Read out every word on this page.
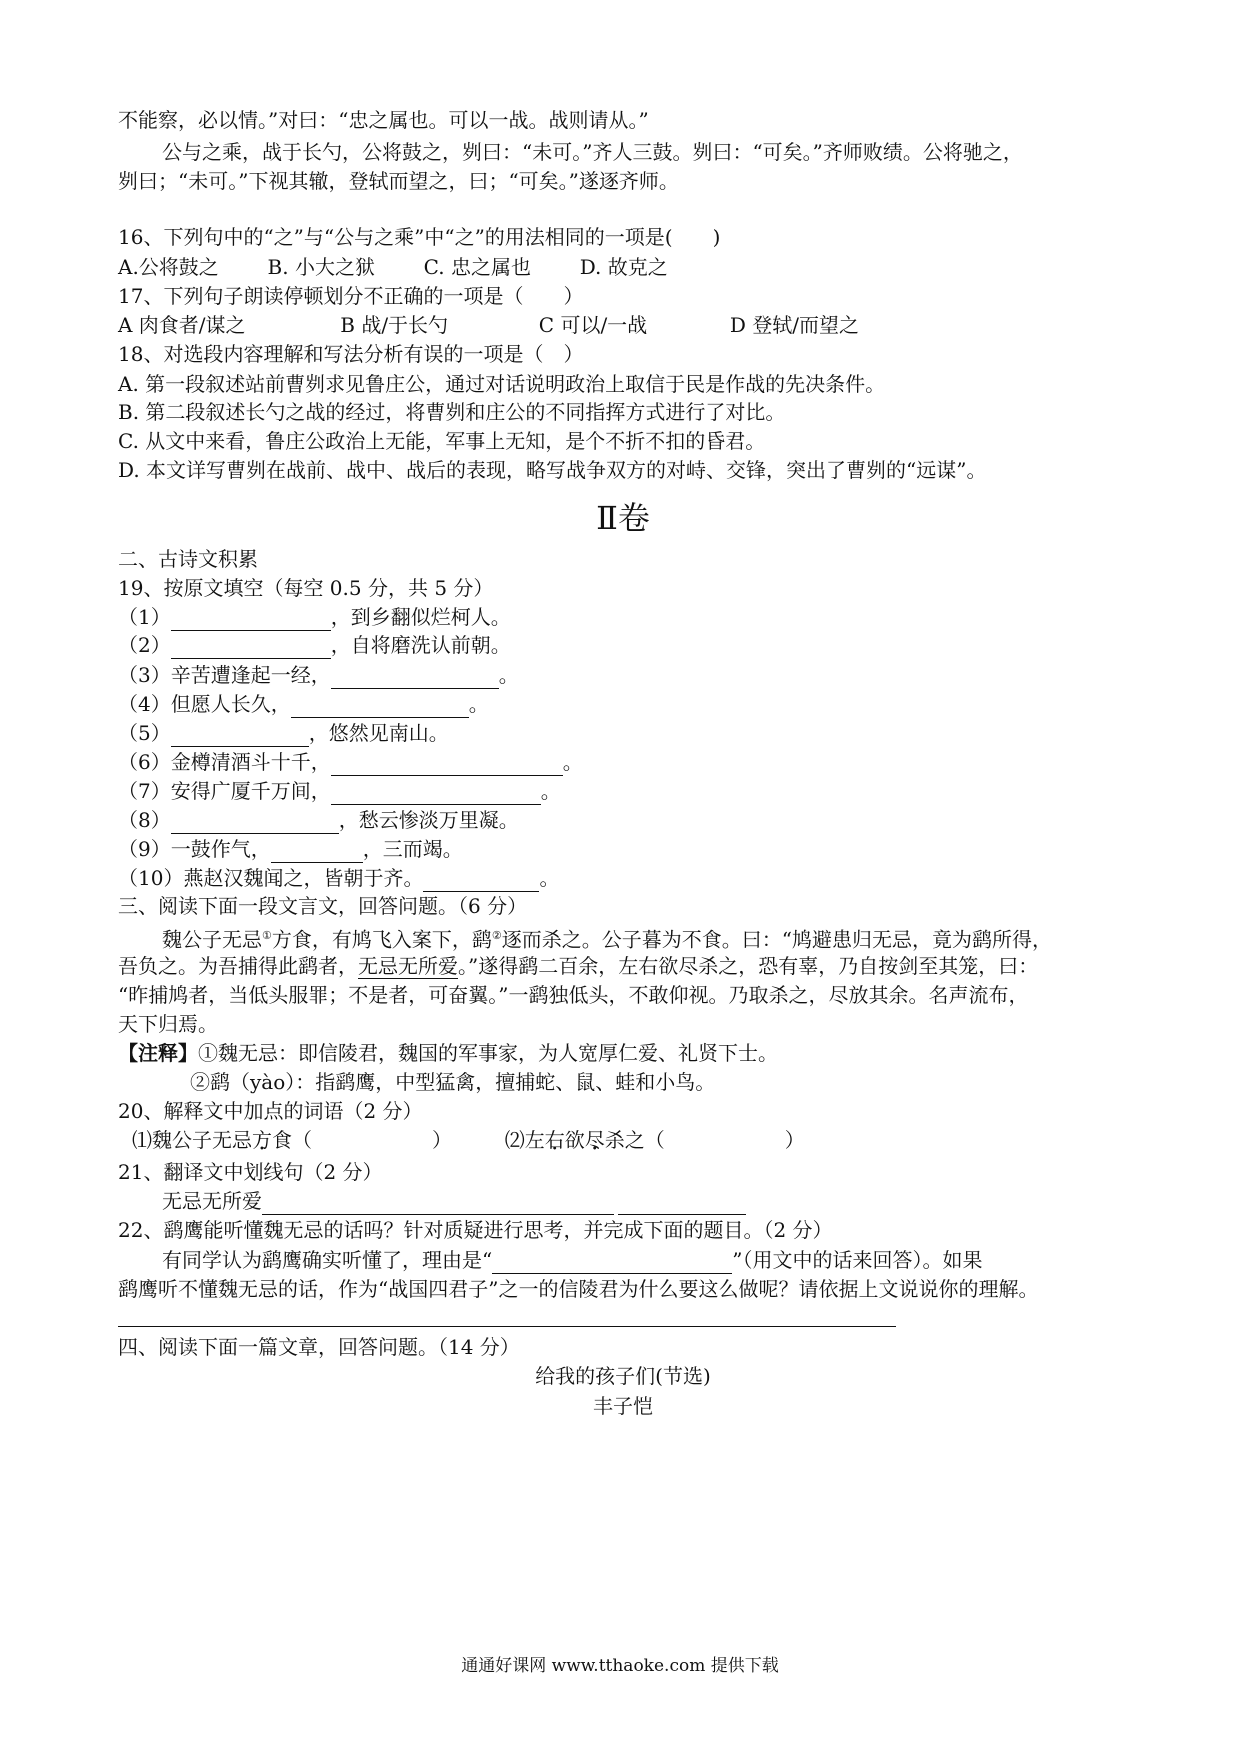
不能察，必以情。”对曰：“忠之属也。可以一战。战则请从。”
公与之乘，战于长勺，公将鼓之，刿曰：“未可。”齐人三鼓。刿曰：“可矣。”齐师败绩。公将驰之，
刿曰；“未可。”下视其辙，登轼而望之，曰；“可矣。”遂逐齐师。
16、下列句中的“之”与“公与之乘”中“之”的用法相同的一项是(　　)
A.公将鼓之 B. 小大之狱 C. 忠之属也 D. 故克之
17、下列句子朗读停顿划分不正确的一项是（　　）
A 肉食者/谋之	B 战/于长勺	C 可以/一战	D 登轼/而望之
18、对选段内容理解和写法分析有误的一项是（　）
A. 第一段叙述站前曹刿求见鲁庄公，通过对话说明政治上取信于民是作战的先决条件。
B. 第二段叙述长勺之战的经过，将曹刿和庄公的不同指挥方式进行了对比。
C. 从文中来看，鲁庄公政治上无能，军事上无知，是个不折不扣的昏君。
D. 本文详写曹刿在战前、战中、战后的表现，略写战争双方的对峙、交锋，突出了曹刿的“远谋”。
Ⅱ卷
二、古诗文积累
19、按原文填空（每空 0.5 分，共 5 分）
（1）	，到乡翻似烂柯人。
（2）	，自将磨洗认前朝。
（3）辛苦遭逢起一经，	。
（4）但愿人长久，	。
（5）	，悠然见南山。
（6）金樽清酒斗十千，	。
（7）安得广厦千万间，	。
（8）	，愁云惨淡万里凝。
（9）一鼓作气，	，三而竭。
（10）燕赵汉魏闻之，皆朝于齐。	。
三、阅读下面一段文言文，回答问题。（6 分）
魏公子无忌①方食，有鸠飞入案下，鹞②逐而杀之。公子暮为不食。曰：“鸠避患归无忌，竟为鹞所得，
吾负之。为吾捕得此鹞者，无忌无所爱。”遂得鹞二百余，左右欲尽杀之，恐有辜，乃自按剑至其笼，曰：
“昨捕鸠者，当低头服罪；不是者，可奋翼。”一鹞独低头，不敢仰视。乃取杀之，尽放其余。名声流布，
天下归焉。
【注释】①魏无忌：即信陵君，魏国的军事家，为人宽厚仁爱、礼贤下士。
②鹞（yào）：指鹞鹰，中型猛禽，擅捕蛇、鼠、蛙和小鸟。
20、解释文中加点的词语（2 分）
⑴魏公子无忌方食（　　　　　　）	⑵左右欲尽杀之（　　　　　　）
21、翻译文中划线句（2 分）
无忌无所爱
22、鹞鹰能听懂魏无忌的话吗？针对质疑进行思考，并完成下面的题目。（2 分）
有同学认为鹞鹰确实听懂了，理由是“	”（用文中的话来回答）。如果
鹞鹰听不懂魏无忌的话，作为“战国四君子”之一的信陵君为什么要这么做呢？请依据上文说说你的理解。
四、阅读下面一篇文章，回答问题。（14 分）
给我的孩子们(节选)
丰子恺
通通好课网 www.tthaoke.com 提供下载
